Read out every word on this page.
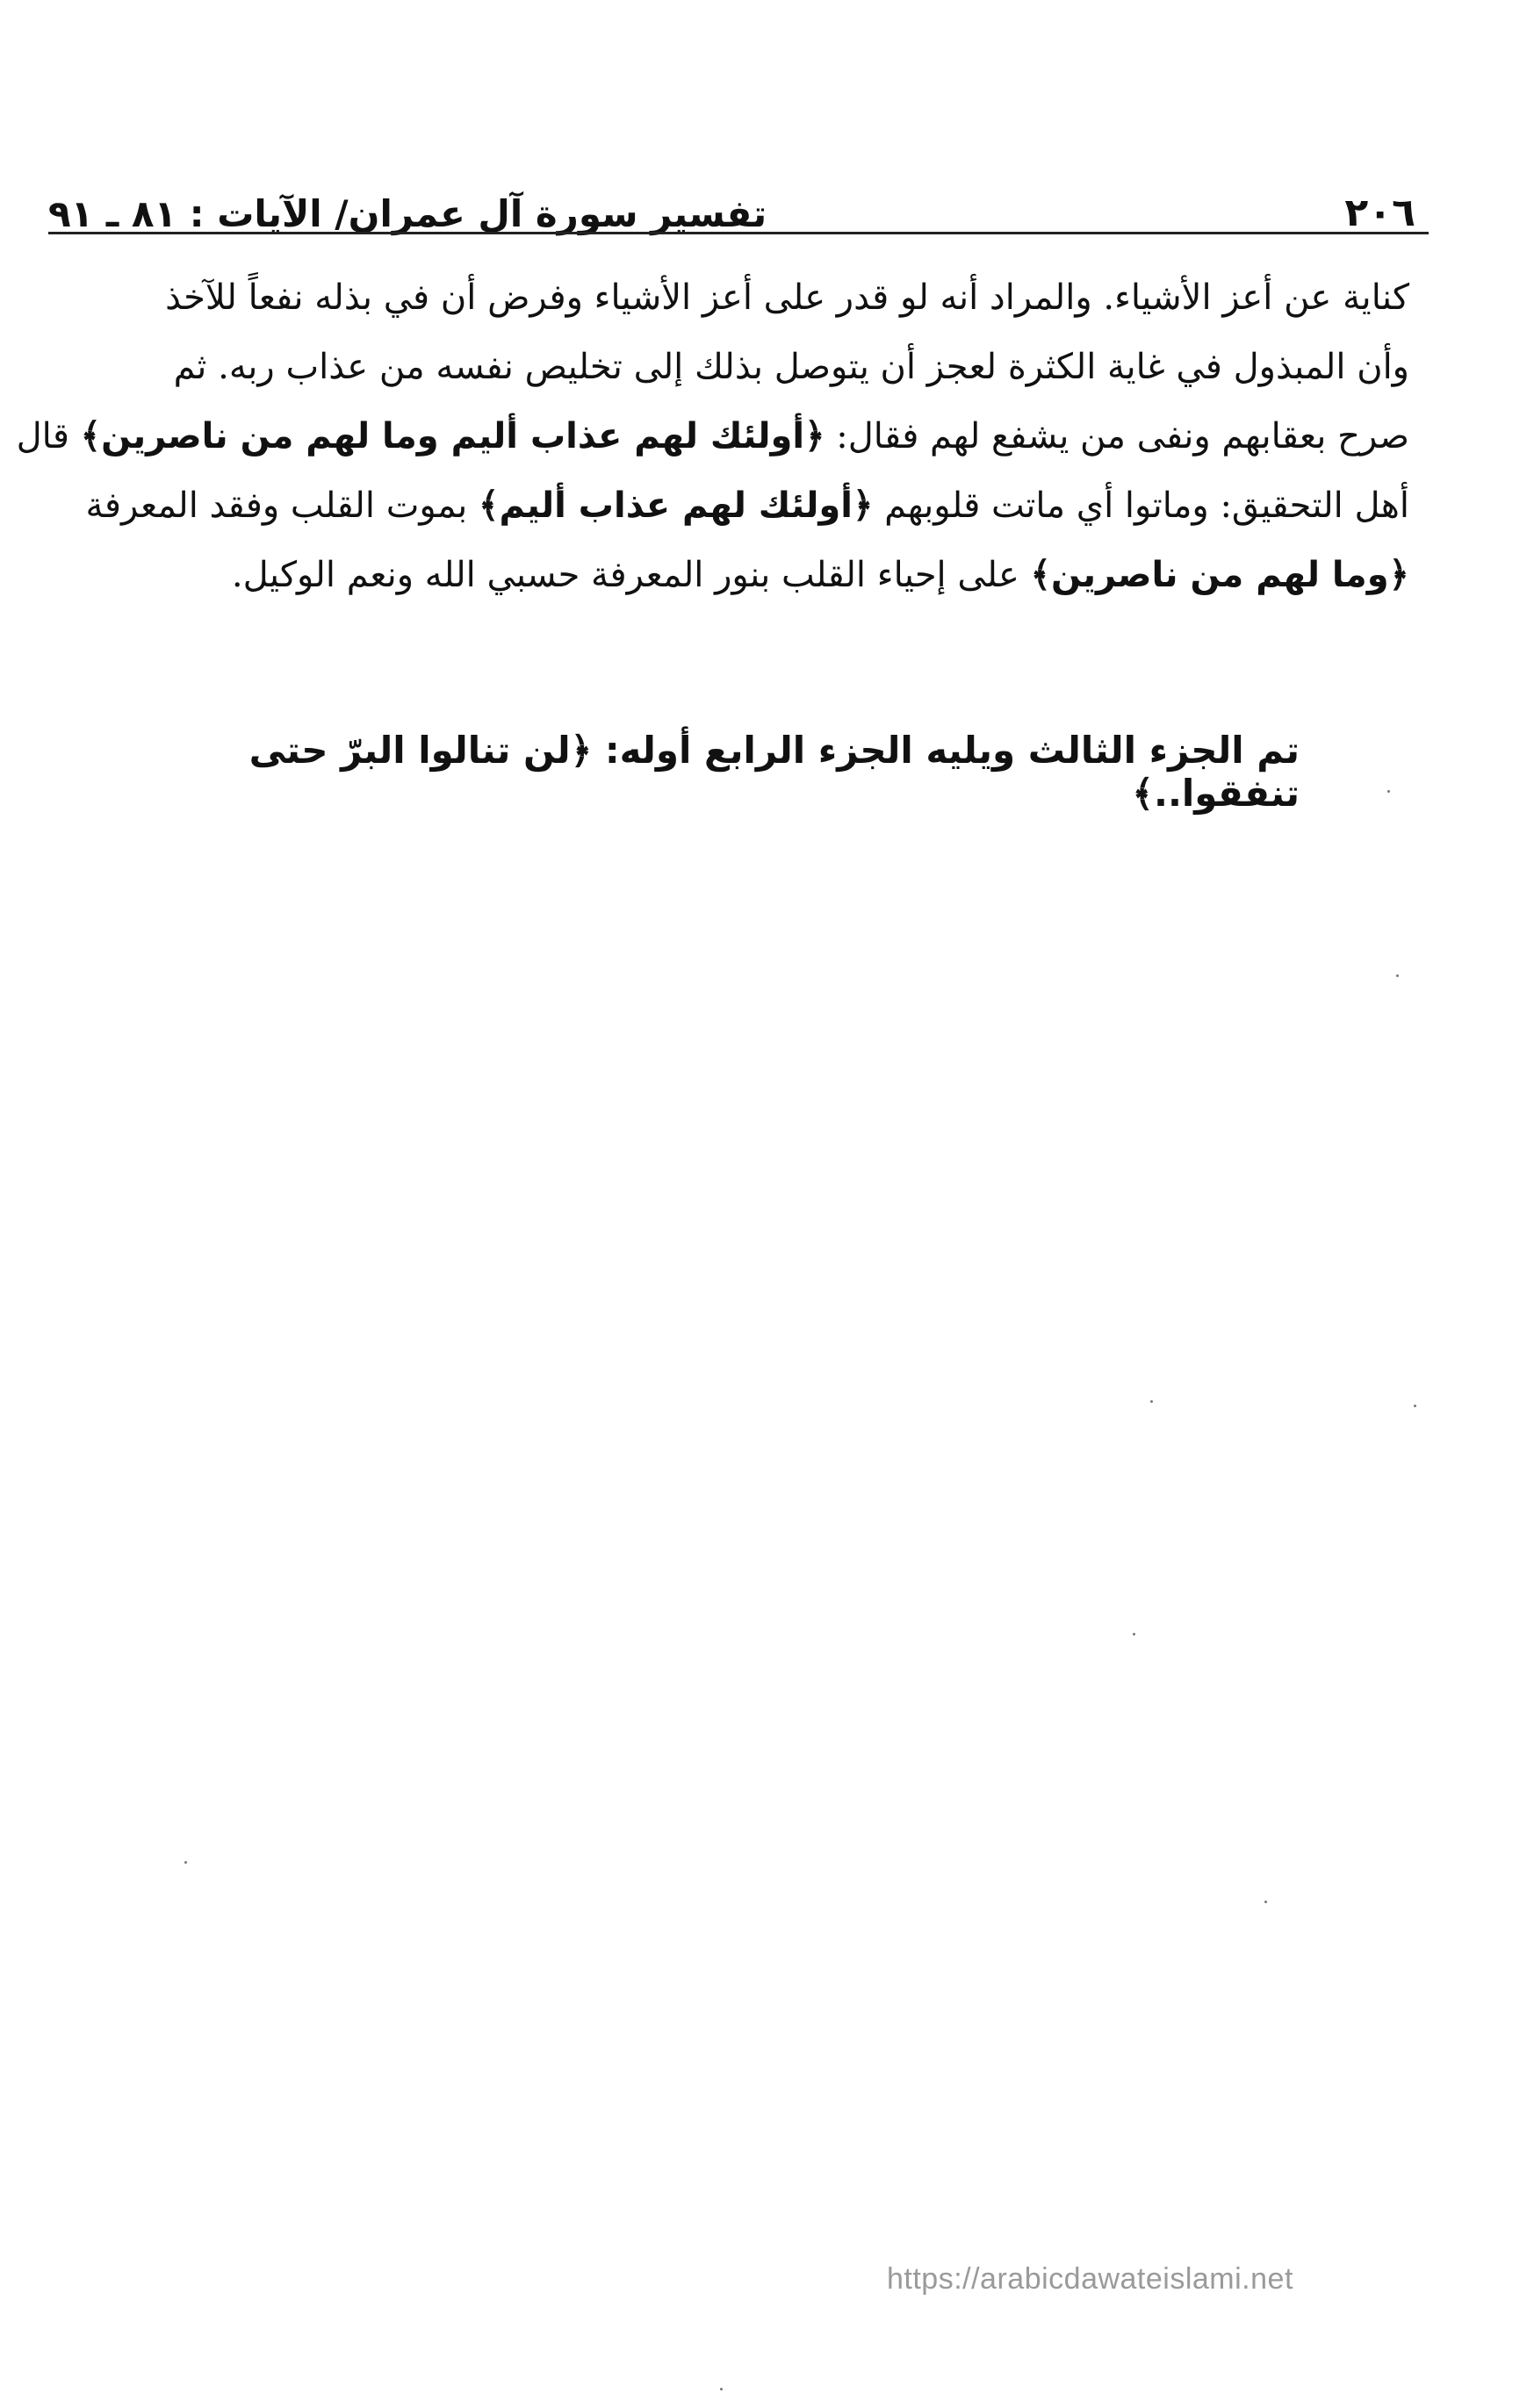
٢٠٦
تفسير سورة آل عمران/ الآيات : ٨١ ـ ٩١
كناية عن أعز الأشياء. والمراد أنه لو قدر على أعز الأشياء وفرض أن في بذله نفعاً للآخذ
وأن المبذول في غاية الكثرة لعجز أن يتوصل بذلك إلى تخليص نفسه من عذاب ربه. ثم
صرح بعقابهم ونفى من يشفع لهم فقال: ﴿أولئك لهم عذاب أليم وما لهم من ناصرين﴾ قال
أهل التحقيق: وماتوا أي ماتت قلوبهم ﴿أولئك لهم عذاب أليم﴾ بموت القلب وفقد المعرفة
﴿وما لهم من ناصرين﴾ على إحياء القلب بنور المعرفة حسبي الله ونعم الوكيل.
تم الجزء الثالث ويليه الجزء الرابع أوله: ﴿لن تنالوا البرّ حتى تنفقوا..﴾
https://arabicdawateislami.net
